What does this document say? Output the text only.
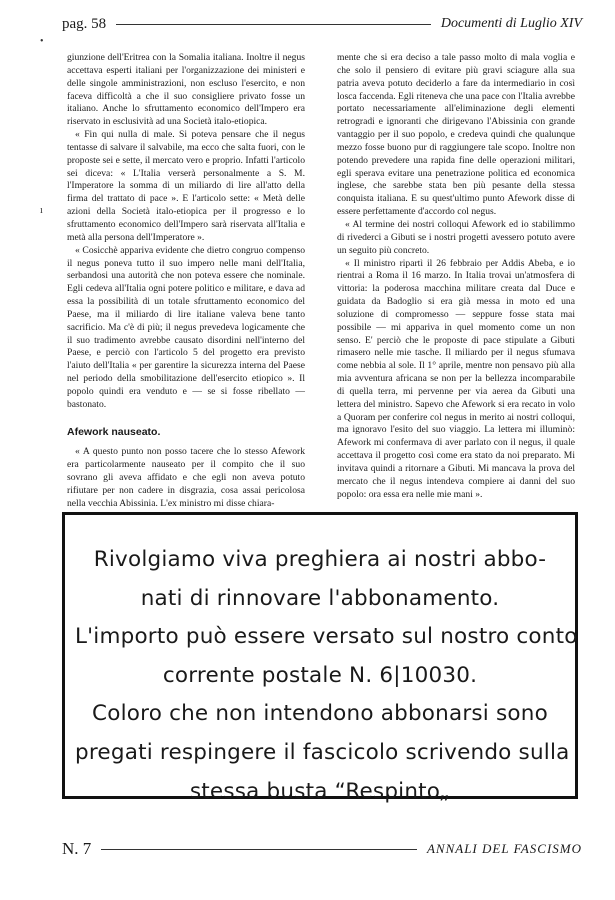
pag. 58	Documenti di Luglio XIV
•
ı

giunzione dell'Eritrea con la Somalia italiana. Inoltre il negus accettava esperti italiani per l'organizzazione dei ministeri e delle singole amministrazioni, non escluso l'esercito, e non faceva difficoltà a che il suo consigliere privato fosse un italiano. Anche lo sfruttamento economico dell'Impero era riservato in esclusività ad una Società italo-etiopica.

« Fin qui nulla di male. Si poteva pensare che il negus tentasse di salvare il salvabile, ma ecco che salta fuori, con le proposte sei e sette, il mercato vero e proprio. Infatti l'articolo sei diceva: « L'Italia verserà personalmente a S. M. l'Imperatore la somma di un miliardo di lire all'atto della firma del trattato di pace ». E l'articolo sette: « Metà delle azioni della Società italo-etiopica per il progresso e lo sfruttamento economico dell'Impero sarà riservata all'Italia e metà alla persona dell'Imperatore ».

« Cosicchè appariva evidente che dietro congruo compenso il negus poneva tutto il suo impero nelle mani dell'Italia, serbandosi una autorità che non poteva essere che nominale. Egli cedeva all'Italia ogni potere politico e militare, e dava ad essa la possibilità di un totale sfruttamento economico del Paese, ma il miliardo di lire italiane valeva bene tanto sacrificio. Ma c'è di più; il negus prevedeva logicamente che il suo tradimento avrebbe causato disordini nell'interno del Paese, e perciò con l'articolo 5 del progetto era previsto l'aiuto dell'Italia « per garentire la sicurezza interna del Paese nel periodo della smobilitazione dell'esercito etiopico ». Il popolo quindi era venduto e — se si fosse ribellato — bastonato.

Afework nauseato.

« A questo punto non posso tacere che lo stesso Afework era particolarmente nauseato per il compito che il suo sovrano gli aveva affidato e che egli non aveva potuto rifiutare per non cadere in disgrazia, cosa assai pericolosa nella vecchia Abissinia. L'ex ministro mi disse chiara-

mente che si era deciso a tale passo molto di mala voglia e che solo il pensiero di evitare più gravi sciagure alla sua patria aveva potuto deciderlo a fare da intermediario in così losca faccenda. Egli riteneva che una pace con l'Italia avrebbe portato necessariamente all'eliminazione degli elementi retrogradi e ignoranti che dirigevano l'Abissinia con grande vantaggio per il suo popolo, e credeva quindi che qualunque mezzo fosse buono pur di raggiungere tale scopo. Inoltre non potendo prevedere una rapida fine delle operazioni militari, egli sperava evitare una penetrazione politica ed economica inglese, che sarebbe stata ben più pesante della stessa conquista italiana. E su quest'ultimo punto Afework disse di essere perfettamente d'accordo col negus.

« Al termine dei nostri colloqui Afework ed io stabilimmo di rivederci a Gibuti se i nostri progetti avessero potuto avere un seguito più concreto.

« Il ministro ripartì il 26 febbraio per Addis Abeba, e io rientrai a Roma il 16 marzo. In Italia trovai un'atmosfera di vittoria: la poderosa macchina militare creata dal Duce e guidata da Badoglio si era già messa in moto ed una soluzione di compromesso — seppure fosse stata mai possibile — mi appariva in quel momento come un non senso. E' perciò che le proposte di pace stipulate a Gibuti rimasero nelle mie tasche. Il miliardo per il negus sfumava come nebbia al sole. Il 1° aprile, mentre non pensavo più alla mia avventura africana se non per la bellezza incomparabile di quella terra, mi pervenne per via aerea da Gibuti una lettera del ministro. Sapevo che Afework si era recato in volo a Quoram per conferire col negus in merito ai nostri colloqui, ma ignoravo l'esito del suo viaggio. La lettera mi illuminò: Afework mi confermava di aver parlato con il negus, il quale accettava il progetto così come era stato da noi preparato. Mi invitava quindi a ritornare a Gibuti. Mi mancava la prova del mercato che il negus intendeva compiere ai danni del suo popolo: ora essa era nelle mie mani ».

Rivolgiamo viva preghiera ai nostri abbo-
nati di rinnovare l'abbonamento.
L'importo può essere versato sul nostro conto
corrente postale N. 6|10030.
Coloro che non intendono abbonarsi sono
pregati respingere il fascicolo scrivendo sulla
stessa busta “Respinto„
N. 7	ANNALI DEL FASCISMO
